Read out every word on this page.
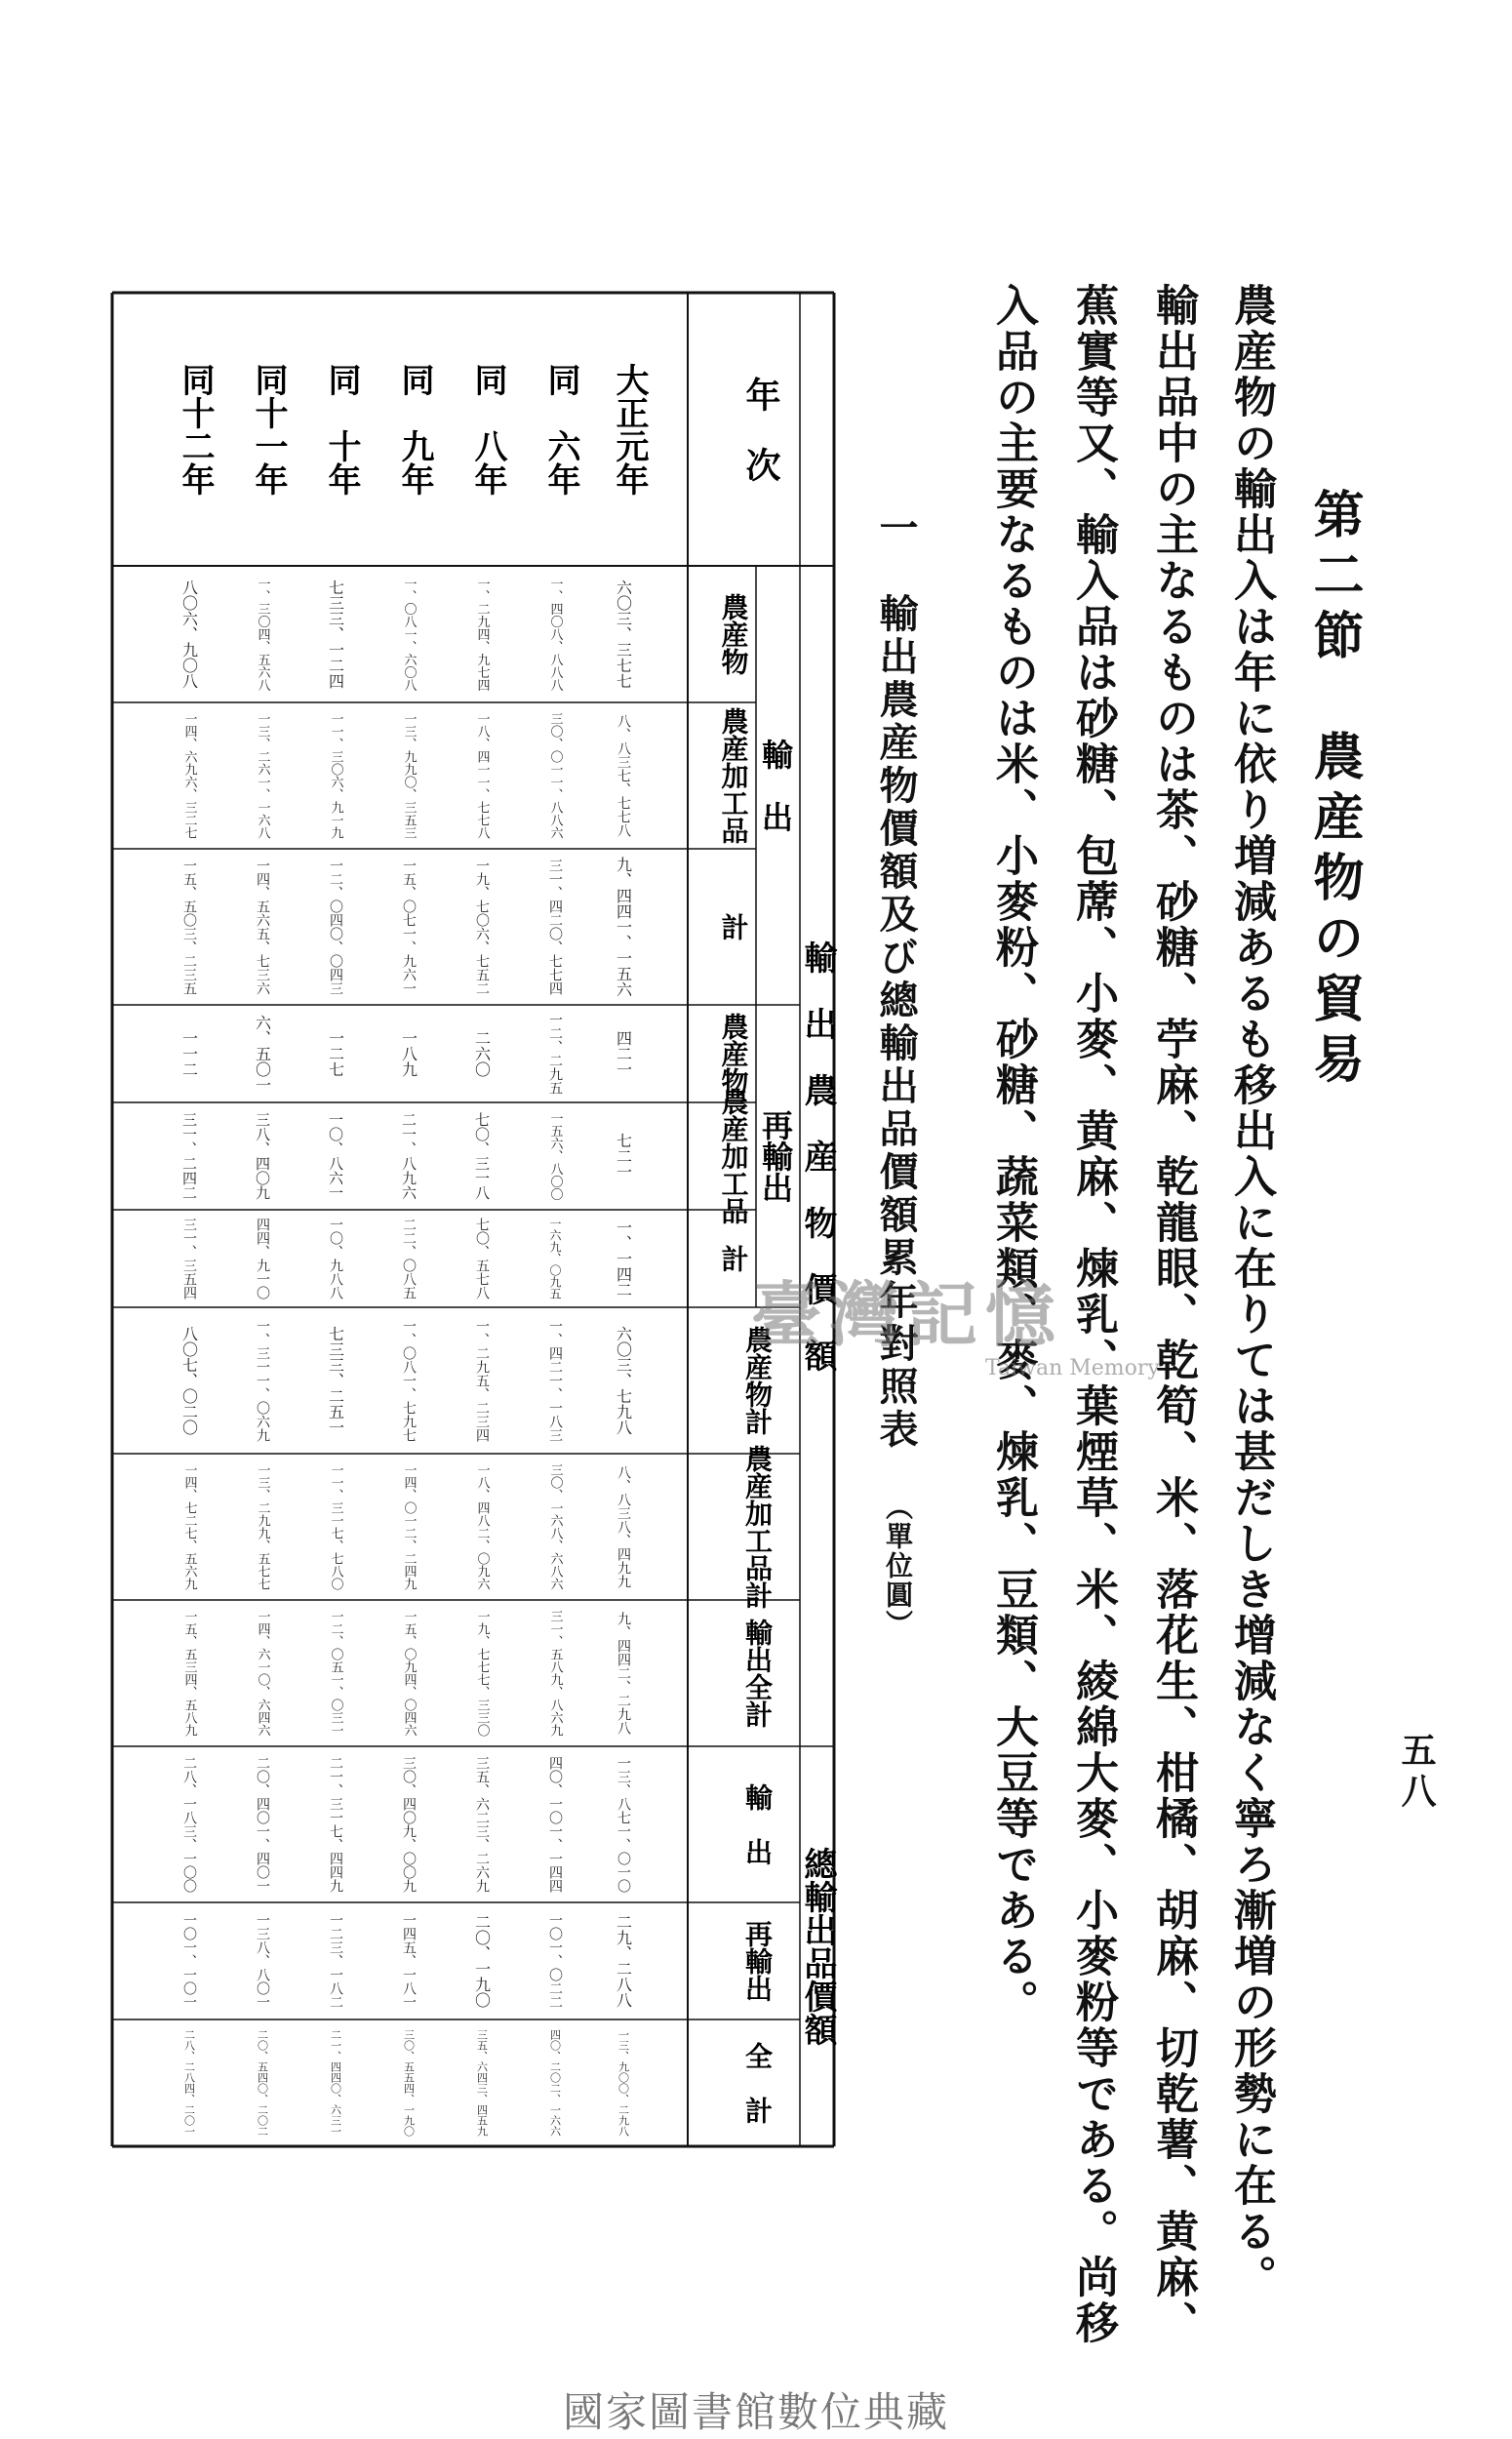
五八
第二節　農産物の貿易
農産物の輸出入は年に依り増減あるも移出入に在りては甚だしき增減なく寧ろ漸増の形勢に在る。
輸出品中の主なるものは茶、砂糖、苧麻、乾龍眼、乾筍、米、落花生、柑橘、胡麻、切乾薯、黄麻、
蕉實等又、輸入品は砂糖、包蓆、小麥、黄麻、煉乳、葉煙草、米、綾綿大麥、小麥粉等である。尚移
入品の主要なるものは米、小麥粉、砂糖、蔬菜類、麥、煉乳、豆類、大豆等である。
一　輸出農産物價額及び總輸出品價額累年對照表
（單位圓）
輸　出　農　産　物　價　額
總輸出品價額
年　次
輸　出
再輸出
農産物
農産加工品
計
農産物
農産加工品
計
農産物計
農産加工品計
輸出全計
輸　出
再輸出
全　計
大正元年
六〇三、三七七
八、八三七、七七八
九、四四一、一五六
四二一
七二一
一、一四二
六〇三、七九八
八、八三八、四九九
九、四四二、二九八
一三、八七一、〇一〇
二九、二八八
一三、九〇〇、二九八
同　六年
一、四〇八、八八八
三〇、〇一一、八八六
三一、四二〇、七七四
一二、二九五
一五六、八〇〇
一六九、〇九五
一、四二一、一八三
三〇、一六八、六八六
三一、五八九、八六九
四〇、一〇一、一四四
一〇一、〇二二
四〇、二〇二、一六六
同　八年
一、二九四、九七四
一八、四一一、七七八
一九、七〇六、七五二
二六〇
七〇、三一八
七〇、五七八
一、二九五、二三四
一八、四八二、〇九六
一九、七七七、三三〇
三五、六二三、二六九
二〇、一九〇
三五、六四三、四五九
同　九年
一、〇八一、六〇八
一三、九九〇、三五三
一五、〇七一、九六一
一八九
二一、八九六
二二、〇八五
一、〇八一、七九七
一四、〇一二、二四九
一五、〇九四、〇四六
三〇、四〇九、〇〇九
一四五、一八一
三〇、五五四、一九〇
同　十年
七三三、一二四
一一、三〇六、九一九
一二、〇四〇、〇四三
一二七
一〇、八六一
一〇、九八八
七三三、二五一
一一、三一七、七八〇
一二、〇五一、〇三一
二一、三一七、四四九
一二三、一八二
二一、四四〇、六三一
同十一年
一、三〇四、五六八
一三、二六一、一六八
一四、五六五、七三六
六、五〇一
三八、四〇九
四四、九一〇
一、三一一、〇六九
一三、二九九、五七七
一四、六一〇、六四六
二〇、四〇一、四〇一
一三八、八〇一
二〇、五四〇、二〇二
同十二年
八〇六、九〇八
一四、六九六、三二七
一五、五〇三、二三五
一一二
三一、二四二
三一、三五四
八〇七、〇二〇
一四、七二七、五六九
一五、五三四、五八九
二八、一八三、一〇〇
一〇一、一〇一
二八、二八四、二〇一
臺灣記憶
Taiwan Memory
國家圖書館數位典藏
